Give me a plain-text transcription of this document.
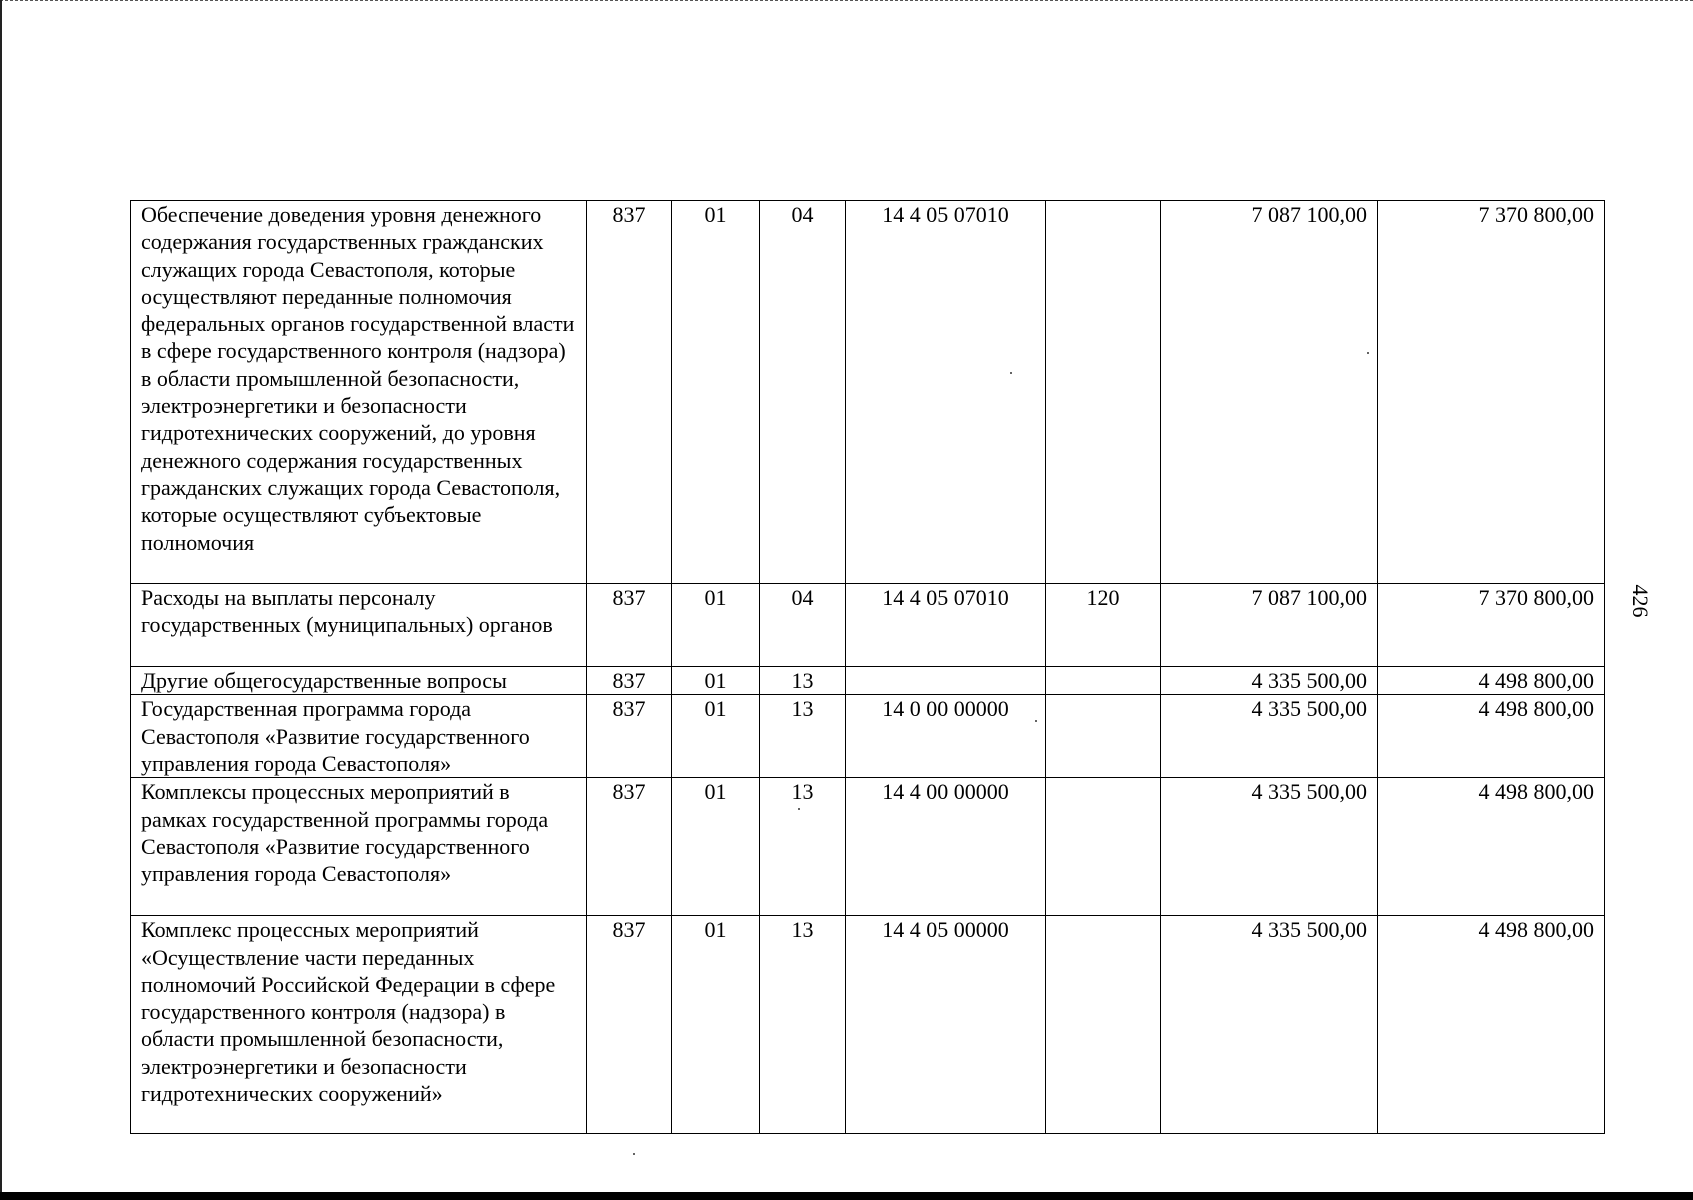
426
Обеспечение доведения уровня денежного содержания государственных гражданских служащих города Севастополя, которые осуществляют переданные полномочия федеральных органов государственной власти в сфере государственного контроля (надзора) в области промышленной безопасности, электроэнергетики и безопасности гидротехнических сооружений, до уровня денежного содержания государственных гражданских служащих города Севастополя, которые осуществляют субъектовые полномочия	837	01	04	14 4 05 07010		7 087 100,00	7 370 800,00
Расходы на выплаты персоналу государственных (муниципальных) органов	837	01	04	14 4 05 07010	120	7 087 100,00	7 370 800,00
Другие общегосударственные вопросы	837	01	13			4 335 500,00	4 498 800,00
Государственная программа города Севастополя «Развитие государственного управления города Севастополя»	837	01	13	14 0 00 00000		4 335 500,00	4 498 800,00
Комплексы процессных мероприятий в рамках государственной программы города Севастополя «Развитие государственного управления города Севастополя»	837	01	13	14 4 00 00000		4 335 500,00	4 498 800,00
Комплекс процессных мероприятий «Осуществление части переданных полномочий Российской Федерации в сфере государственного контроля (надзора) в области промышленной безопасности, электроэнергетики и безопасности гидротехнических сооружений»	837	01	13	14 4 05 00000		4 335 500,00	4 498 800,00
